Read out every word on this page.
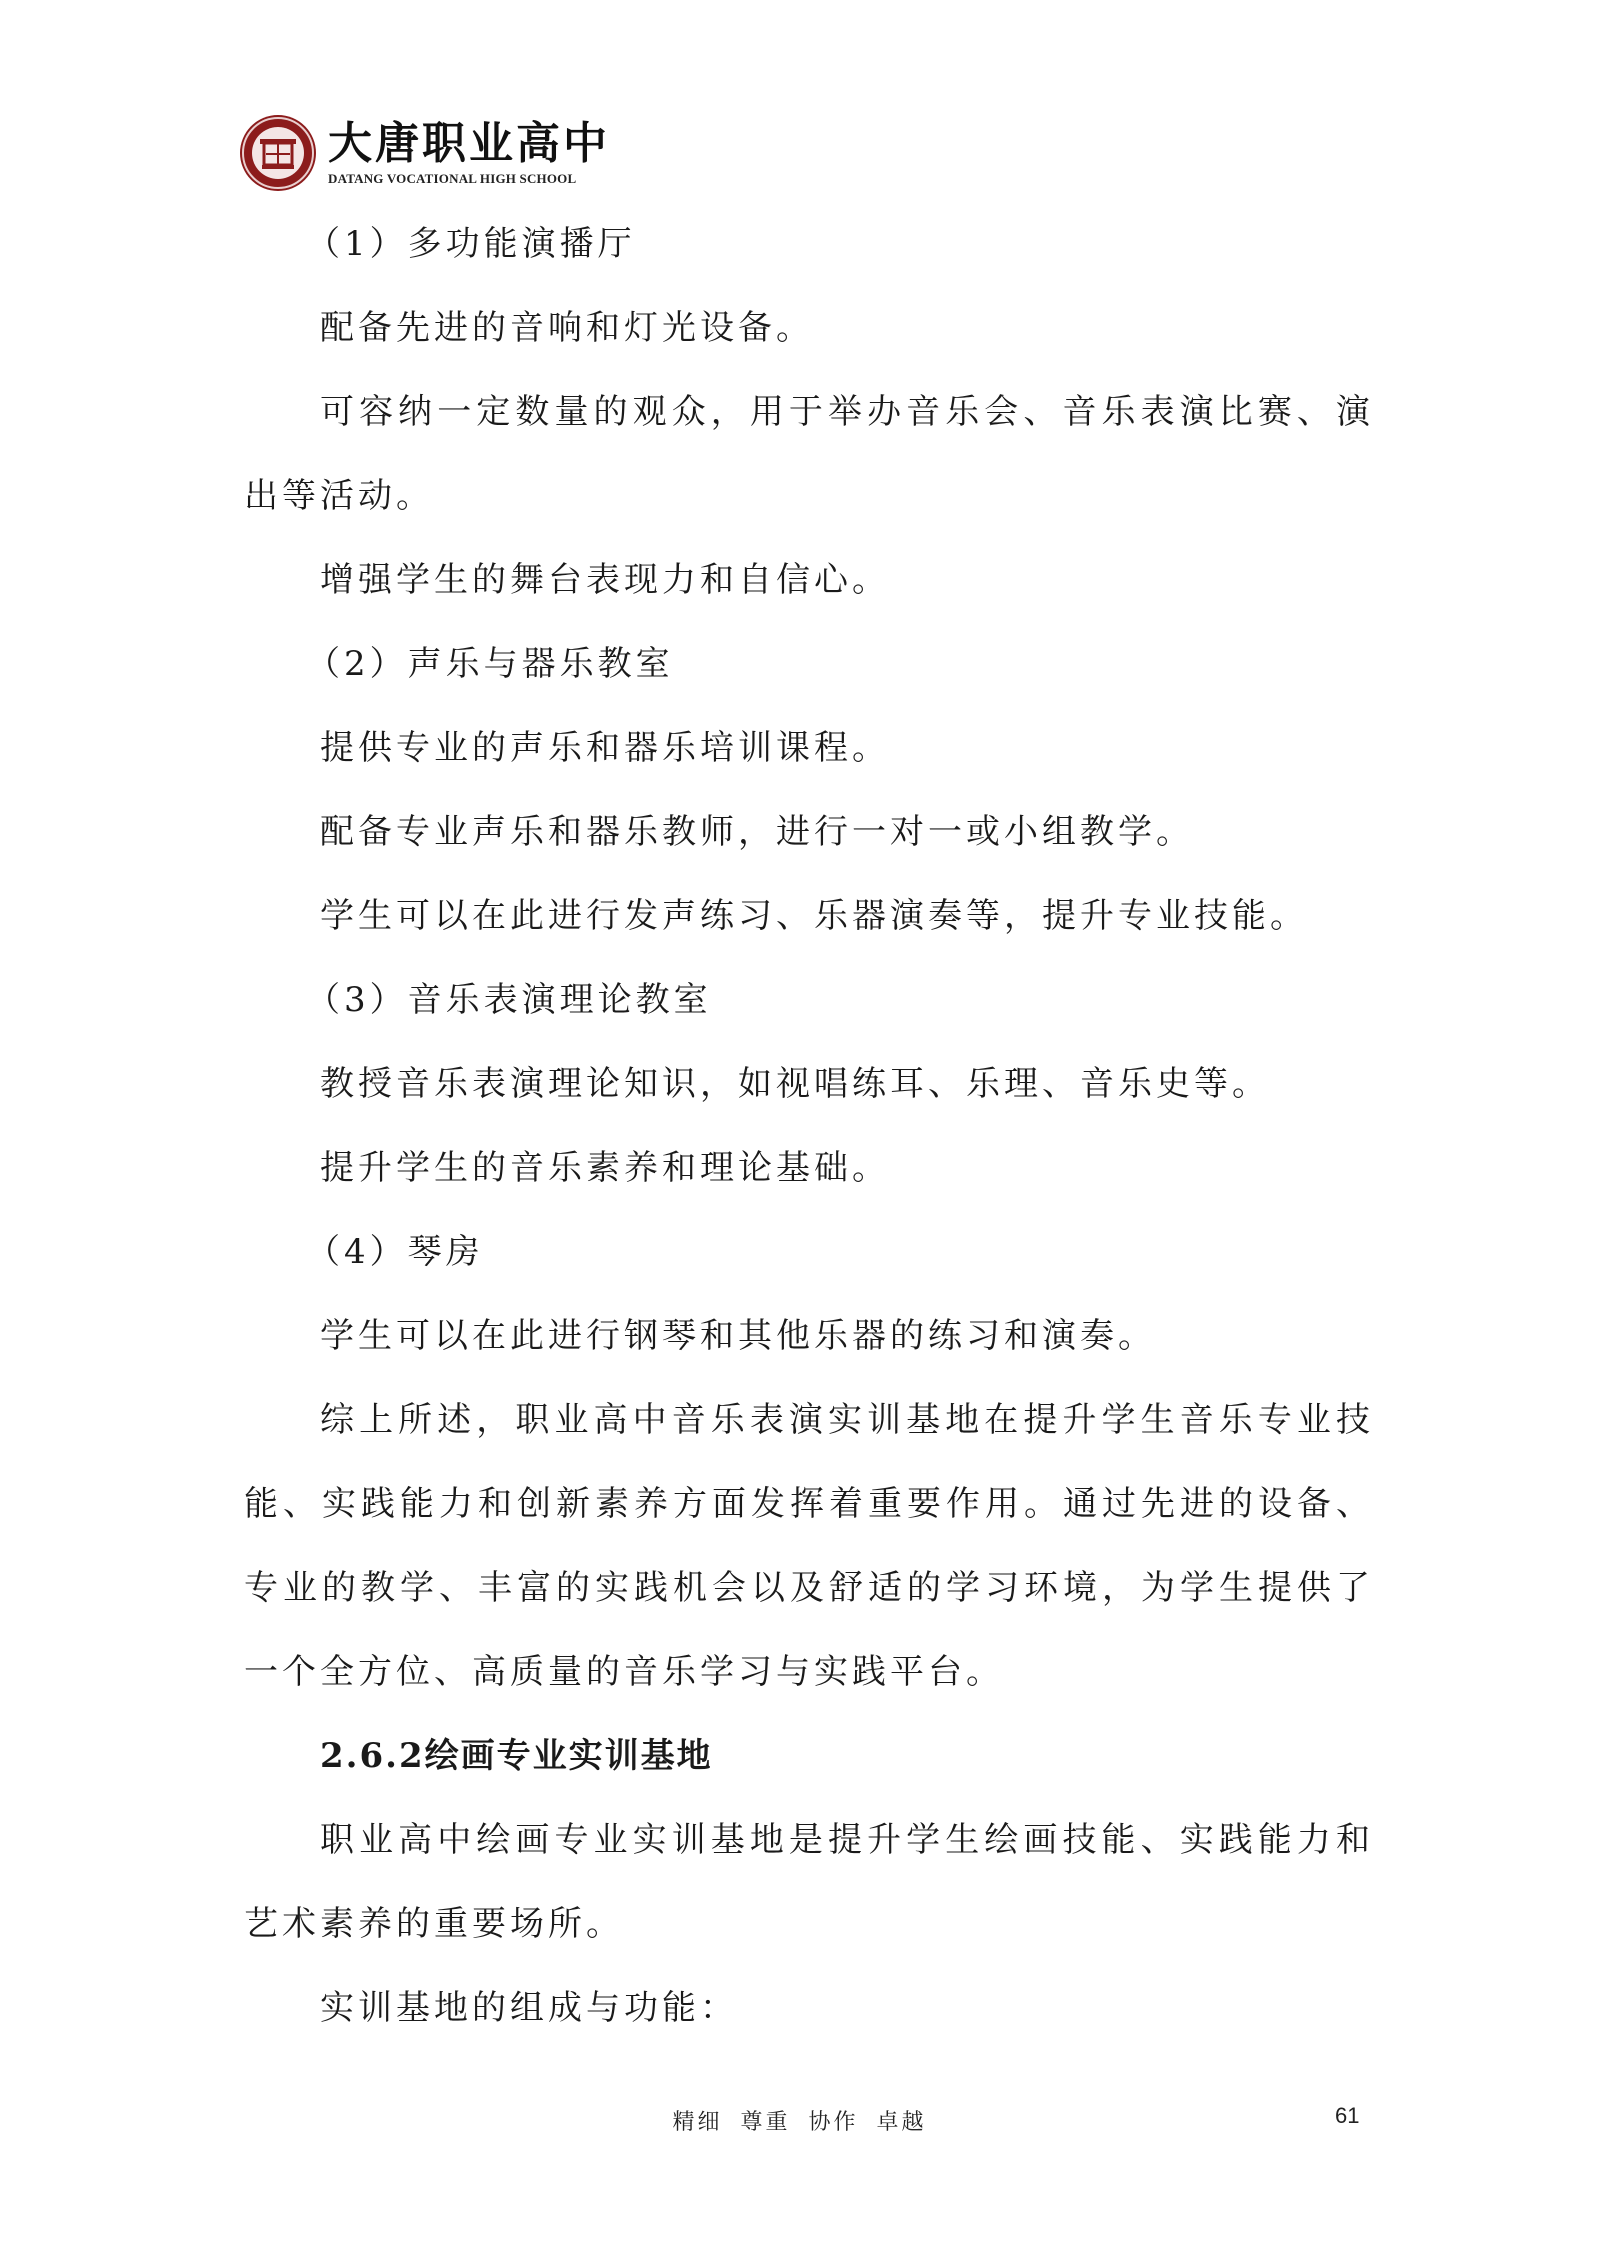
大唐职业高中
DATANG VOCATIONAL HIGH SCHOOL

（1）多功能演播厅

配备先进的音响和灯光设备。

可容纳一定数量的观众，用于举办音乐会、音乐表演比赛、演出等活动。

增强学生的舞台表现力和自信心。

（2）声乐与器乐教室

提供专业的声乐和器乐培训课程。

配备专业声乐和器乐教师，进行一对一或小组教学。

学生可以在此进行发声练习、乐器演奏等，提升专业技能。

（3）音乐表演理论教室

教授音乐表演理论知识，如视唱练耳、乐理、音乐史等。

提升学生的音乐素养和理论基础。

（4）琴房

学生可以在此进行钢琴和其他乐器的练习和演奏。

综上所述，职业高中音乐表演实训基地在提升学生音乐专业技能、实践能力和创新素养方面发挥着重要作用。通过先进的设备、专业的教学、丰富的实践机会以及舒适的学习环境，为学生提供了一个全方位、高质量的音乐学习与实践平台。

2.6.2绘画专业实训基地

职业高中绘画专业实训基地是提升学生绘画技能、实践能力和艺术素养的重要场所。

实训基地的组成与功能：

精细 尊重 协作 卓越	61
